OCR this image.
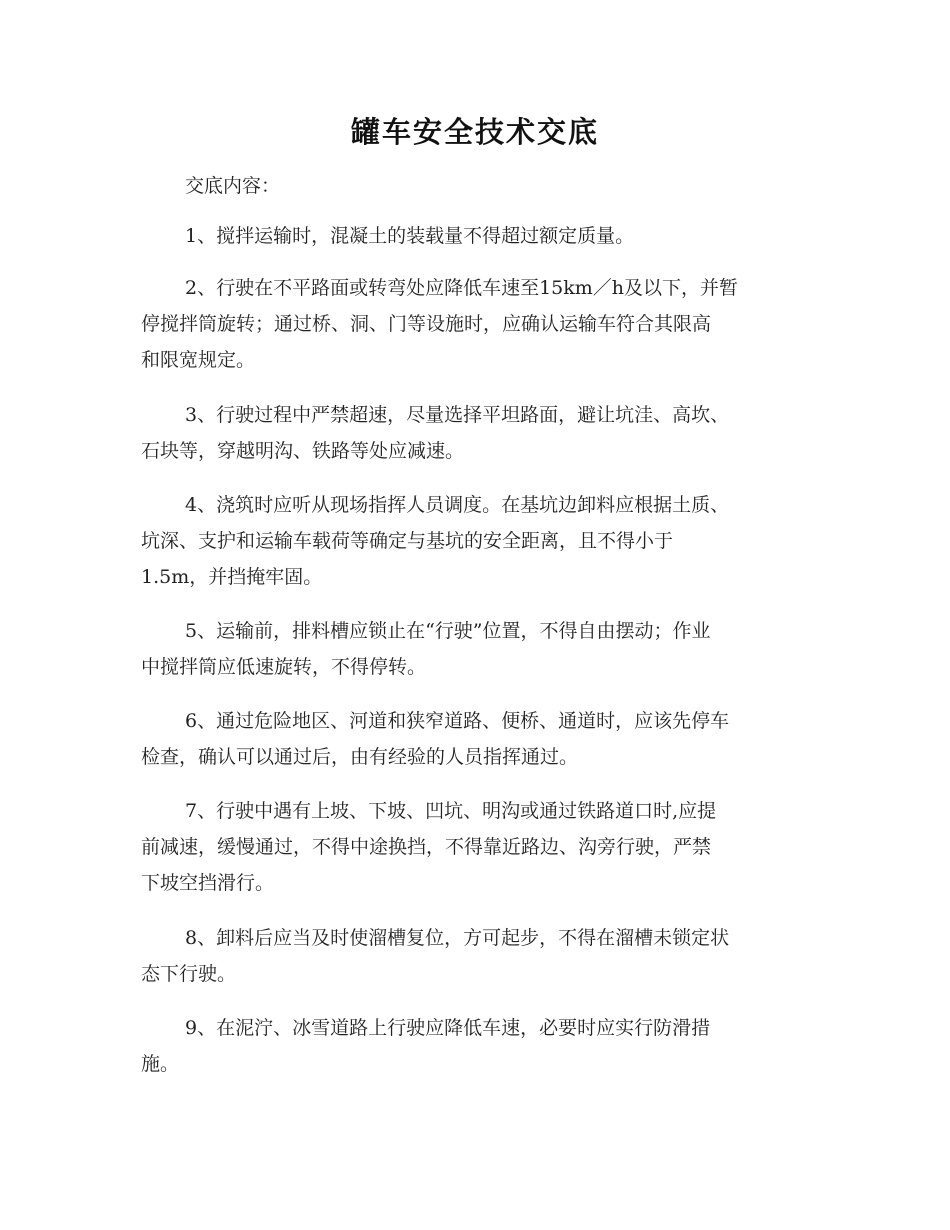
罐车安全技术交底
交底内容：
1、搅拌运输时，混凝土的装载量不得超过额定质量。
2、行驶在不平路面或转弯处应降低车速至15km／h及以下，并暂
停搅拌筒旋转；通过桥、洞、门等设施时，应确认运输车符合其限高
和限宽规定。
3、行驶过程中严禁超速，尽量选择平坦路面，避让坑洼、高坎、
石块等，穿越明沟、铁路等处应减速。
4、浇筑时应听从现场指挥人员调度。在基坑边卸料应根据土质、
坑深、支护和运输车载荷等确定与基坑的安全距离，且不得小于
1.5m，并挡掩牢固。
5、运输前，排料槽应锁止在“行驶”位置，不得自由摆动；作业
中搅拌筒应低速旋转，不得停转。
6、通过危险地区、河道和狭窄道路、便桥、通道时，应该先停车
检查，确认可以通过后，由有经验的人员指挥通过。
7、行驶中遇有上坡、下坡、凹坑、明沟或通过铁路道口时,应提
前减速，缓慢通过，不得中途换挡，不得靠近路边、沟旁行驶，严禁
下坡空挡滑行。
8、卸料后应当及时使溜槽复位，方可起步，不得在溜槽未锁定状
态下行驶。
9、在泥泞、冰雪道路上行驶应降低车速，必要时应实行防滑措
施。
